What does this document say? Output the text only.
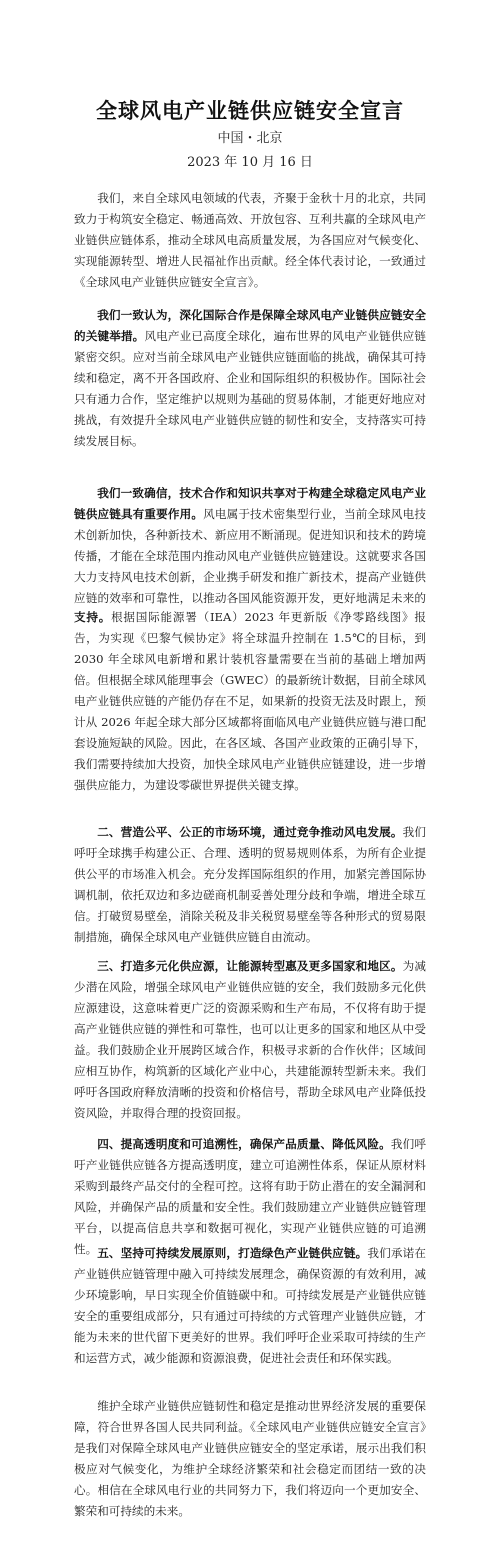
全球风电产业链供应链安全宣言
中国・北京
2023 年 10 月 16 日

我们，来自全球风电领域的代表，齐聚于金秋十月的北京，共同致力于构筑安全稳定、畅通高效、开放包容、互利共赢的全球风电产业链供应链体系，推动全球风电高质量发展，为各国应对气候变化、实现能源转型、增进人民福祉作出贡献。经全体代表讨论，一致通过《全球风电产业链供应链安全宣言》。

我们一致认为，深化国际合作是保障全球风电产业链供应链安全的关键举措。风电产业已高度全球化，遍布世界的风电产业链供应链紧密交织。应对当前全球风电产业链供应链面临的挑战，确保其可持续和稳定，离不开各国政府、企业和国际组织的积极协作。国际社会只有通力合作，坚定维护以规则为基础的贸易体制，才能更好地应对挑战，有效提升全球风电产业链供应链的韧性和安全，支持落实可持续发展目标。

我们一致确信，技术合作和知识共享对于构建全球稳定风电产业链供应链具有重要作用。风电属于技术密集型行业，当前全球风电技术创新加快，各种新技术、新应用不断涌现。促进知识和技术的跨境传播，才能在全球范围内推动风电产业链供应链建设。这就要求各国大力支持风电技术创新，企业携手研发和推广新技术，提高产业链供应链的效率和可靠性，以推动各国风能资源开发，更好地满足未来的

支持。根据国际能源署（IEA）2023 年更新版《净零路线图》报告，为实现《巴黎气候协定》将全球温升控制在 1.5℃的目标，到 2030 年全球风电新增和累计装机容量需要在当前的基础上增加两倍。但根据全球风能理事会（GWEC）的最新统计数据，目前全球风电产业链供应链的产能仍存在不足，如果新的投资无法及时跟上，预计从 2026 年起全球大部分区域都将面临风电产业链供应链与港口配套设施短缺的风险。因此，在各区域、各国产业政策的正确引导下，我们需要持续加大投资，加快全球风电产业链供应链建设，进一步增强供应能力，为建设零碳世界提供关键支撑。

二、营造公平、公正的市场环境，通过竞争推动风电发展。我们呼吁全球携手构建公正、合理、透明的贸易规则体系，为所有企业提供公平的市场准入机会。充分发挥国际组织的作用，加紧完善国际协调机制，依托双边和多边磋商机制妥善处理分歧和争端，增进全球互信。打破贸易壁垒，消除关税及非关税贸易壁垒等各种形式的贸易限制措施，确保全球风电产业链供应链自由流动。

三、打造多元化供应源，让能源转型惠及更多国家和地区。为减少潜在风险，增强全球风电产业链供应链的安全，我们鼓励多元化供应源建设，这意味着更广泛的资源采购和生产布局，不仅将有助于提高产业链供应链的弹性和可靠性，也可以让更多的国家和地区从中受益。我们鼓励企业开展跨区域合作，积极寻求新的合作伙伴；区域间应相互协作，构筑新的区域化产业中心，共建能源转型新未来。我们呼吁各国政府释放清晰的投资和价格信号，帮助全球风电产业降低投资风险，并取得合理的投资回报。

四、提高透明度和可追溯性，确保产品质量、降低风险。我们呼吁产业链供应链各方提高透明度，建立可追溯性体系，保证从原材料采购到最终产品交付的全程可控。这将有助于防止潜在的安全漏洞和风险，并确保产品的质量和安全性。我们鼓励建立产业链供应链管理平台，以提高信息共享和数据可视化，实现产业链供应链的可追溯性。 五、坚持可持续发展原则，打造绿色产业链供应链。我们承诺在产业链供应链管理中融入可持续发展理念，确保资源的有效利用，减少环境影响，早日实现全价值链碳中和。可持续发展是产业链供应链安全的重要组成部分，只有通过可持续的方式管理产业链供应链，才能为未来的世代留下更美好的世界。我们呼吁企业采取可持续的生产和运营方式，减少能源和资源浪费，促进社会责任和环保实践。

维护全球产业链供应链韧性和稳定是推动世界经济发展的重要保障，符合世界各国人民共同利益。《全球风电产业链供应链安全宣言》是我们对保障全球风电产业链供应链安全的坚定承诺，展示出我们积极应对气候变化，为维护全球经济繁荣和社会稳定而团结一致的决心。相信在全球风电行业的共同努力下，我们将迈向一个更加安全、繁荣和可持续的未来。
